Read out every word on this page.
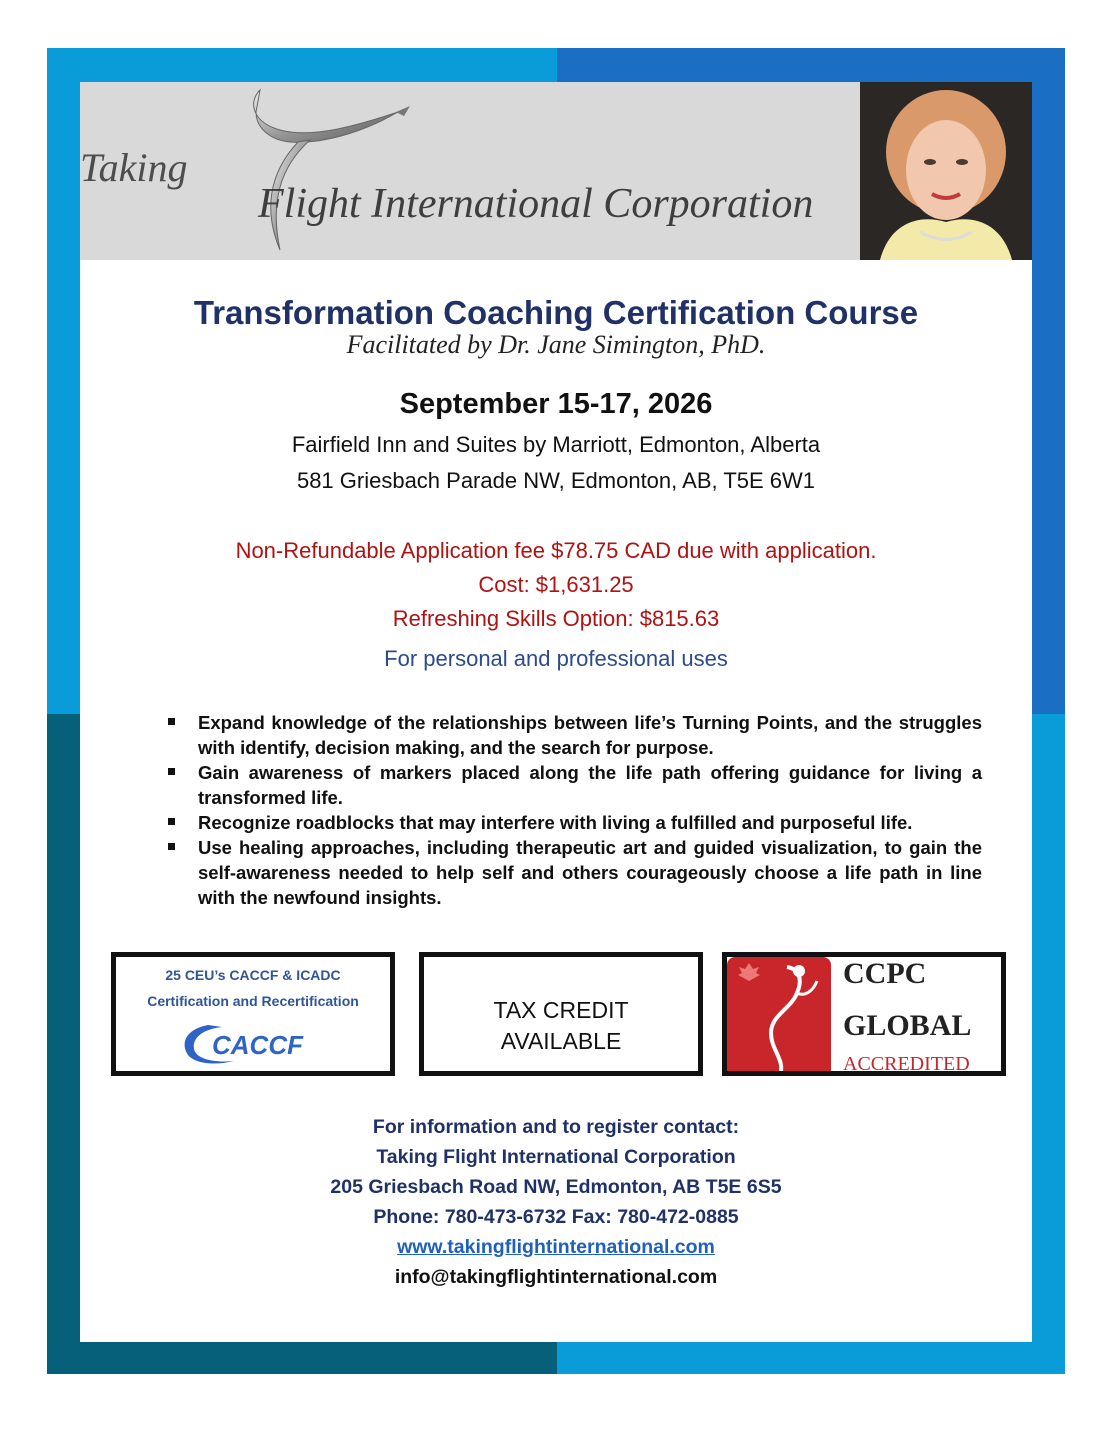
Taking
Flight International Corporation
Transformation Coaching Certification Course
Facilitated by Dr. Jane Simington, PhD.
September 15-17, 2026
Fairfield Inn and Suites by Marriott, Edmonton, Alberta
581 Griesbach Parade NW, Edmonton, AB, T5E 6W1
Non-Refundable Application fee $78.75 CAD due with application.
Cost: $1,631.25
Refreshing Skills Option: $815.63
For personal and professional uses
Expand knowledge of the relationships between life’s Turning Points, and the struggles with identify, decision making, and the search for purpose.
Gain awareness of markers placed along the life path offering guidance for living a transformed life.
Recognize roadblocks that may interfere with living a fulfilled and purposeful life.
Use healing approaches, including therapeutic art and guided visualization, to gain the self-awareness needed to help self and others courageously choose a life path in line with the newfound insights.
25 CEU’s CACCF & ICADC
Certification and Recertification
CACCF
TAX CREDIT
AVAILABLE
CCPC
GLOBAL
ACCREDITED
For information and to register contact:
Taking Flight International Corporation
205 Griesbach Road NW, Edmonton, AB T5E 6S5
Phone: 780-473-6732 Fax: 780-472-0885
www.takingflightinternational.com
info@takingflightinternational.com
